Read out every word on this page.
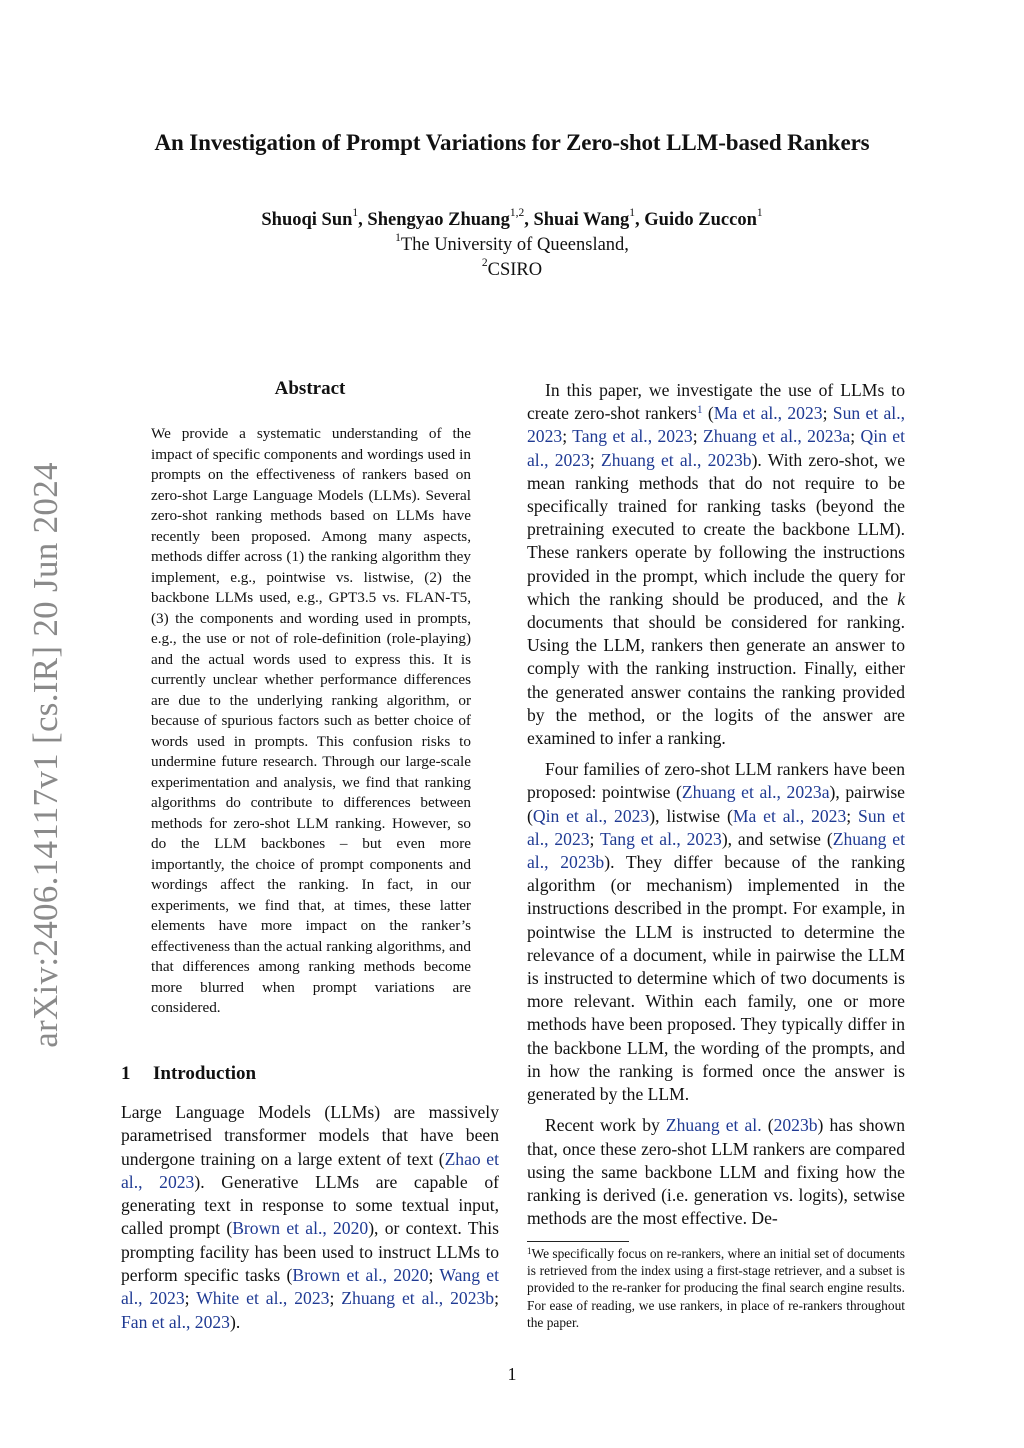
arXiv:2406.14117v1 [cs.IR] 20 Jun 2024
An Investigation of Prompt Variations for Zero-shot LLM-based Rankers
Shuoqi Sun$^1$, Shengyao Zhuang$^{1,2}$, Shuai Wang$^1$, Guido Zuccon$^1$
$^1$The University of Queensland,
$^2$CSIRO
Abstract
We provide a systematic understanding of the impact of specific components and wordings used in prompts on the effectiveness of rankers based on zero-shot Large Language Models (LLMs). Several zero-shot ranking methods based on LLMs have recently been proposed. Among many aspects, methods differ across (1) the ranking algorithm they implement, e.g., pointwise vs. listwise, (2) the backbone LLMs used, e.g., GPT3.5 vs. FLAN-T5, (3) the components and wording used in prompts, e.g., the use or not of role-definition (role-playing) and the actual words used to express this. It is currently unclear whether performance differences are due to the underlying ranking algorithm, or because of spurious factors such as better choice of words used in prompts. This confusion risks to undermine future research. Through our large-scale experimentation and analysis, we find that ranking algorithms do contribute to differences between methods for zero-shot LLM ranking. However, so do the LLM backbones – but even more importantly, the choice of prompt components and wordings affect the ranking. In fact, in our experiments, we find that, at times, these latter elements have more impact on the ranker’s effectiveness than the actual ranking algorithms, and that differences among ranking methods become more blurred when prompt variations are considered.
1 Introduction

Large Language Models (LLMs) are massively parametrised transformer models that have been undergone training on a large extent of text (Zhao et al., 2023). Generative LLMs are capable of generating text in response to some textual input, called prompt (Brown et al., 2020), or context. This prompting facility has been used to instruct LLMs to perform specific tasks (Brown et al., 2020; Wang et al., 2023; White et al., 2023; Zhuang et al., 2023b; Fan et al., 2023).

In this paper, we investigate the use of LLMs to create zero-shot rankers$^1$ (Ma et al., 2023; Sun et al., 2023; Tang et al., 2023; Zhuang et al., 2023a; Qin et al., 2023; Zhuang et al., 2023b). With zero-shot, we mean ranking methods that do not require to be specifically trained for ranking tasks (beyond the pretraining executed to create the backbone LLM). These rankers operate by following the instructions provided in the prompt, which include the query for which the ranking should be produced, and the k documents that should be considered for ranking. Using the LLM, rankers then generate an answer to comply with the ranking instruction. Finally, either the generated answer contains the ranking provided by the method, or the logits of the answer are examined to infer a ranking.

Four families of zero-shot LLM rankers have been proposed: pointwise (Zhuang et al., 2023a), pairwise (Qin et al., 2023), listwise (Ma et al., 2023; Sun et al., 2023; Tang et al., 2023), and setwise (Zhuang et al., 2023b). They differ because of the ranking algorithm (or mechanism) implemented in the instructions described in the prompt. For example, in pointwise the LLM is instructed to determine the relevance of a document, while in pairwise the LLM is instructed to determine which of two documents is more relevant. Within each family, one or more methods have been proposed. They typically differ in the backbone LLM, the wording of the prompts, and in how the ranking is formed once the answer is generated by the LLM.

Recent work by Zhuang et al. (2023b) has shown that, once these zero-shot LLM rankers are compared using the same backbone LLM and fixing how the ranking is derived (i.e. generation vs. logits), setwise methods are the most effective. De-

$^1$We specifically focus on re-rankers, where an initial set of documents is retrieved from the index using a first-stage retriever, and a subset is provided to the re-ranker for producing the final search engine results. For ease of reading, we use rankers, in place of re-rankers throughout the paper.
1
